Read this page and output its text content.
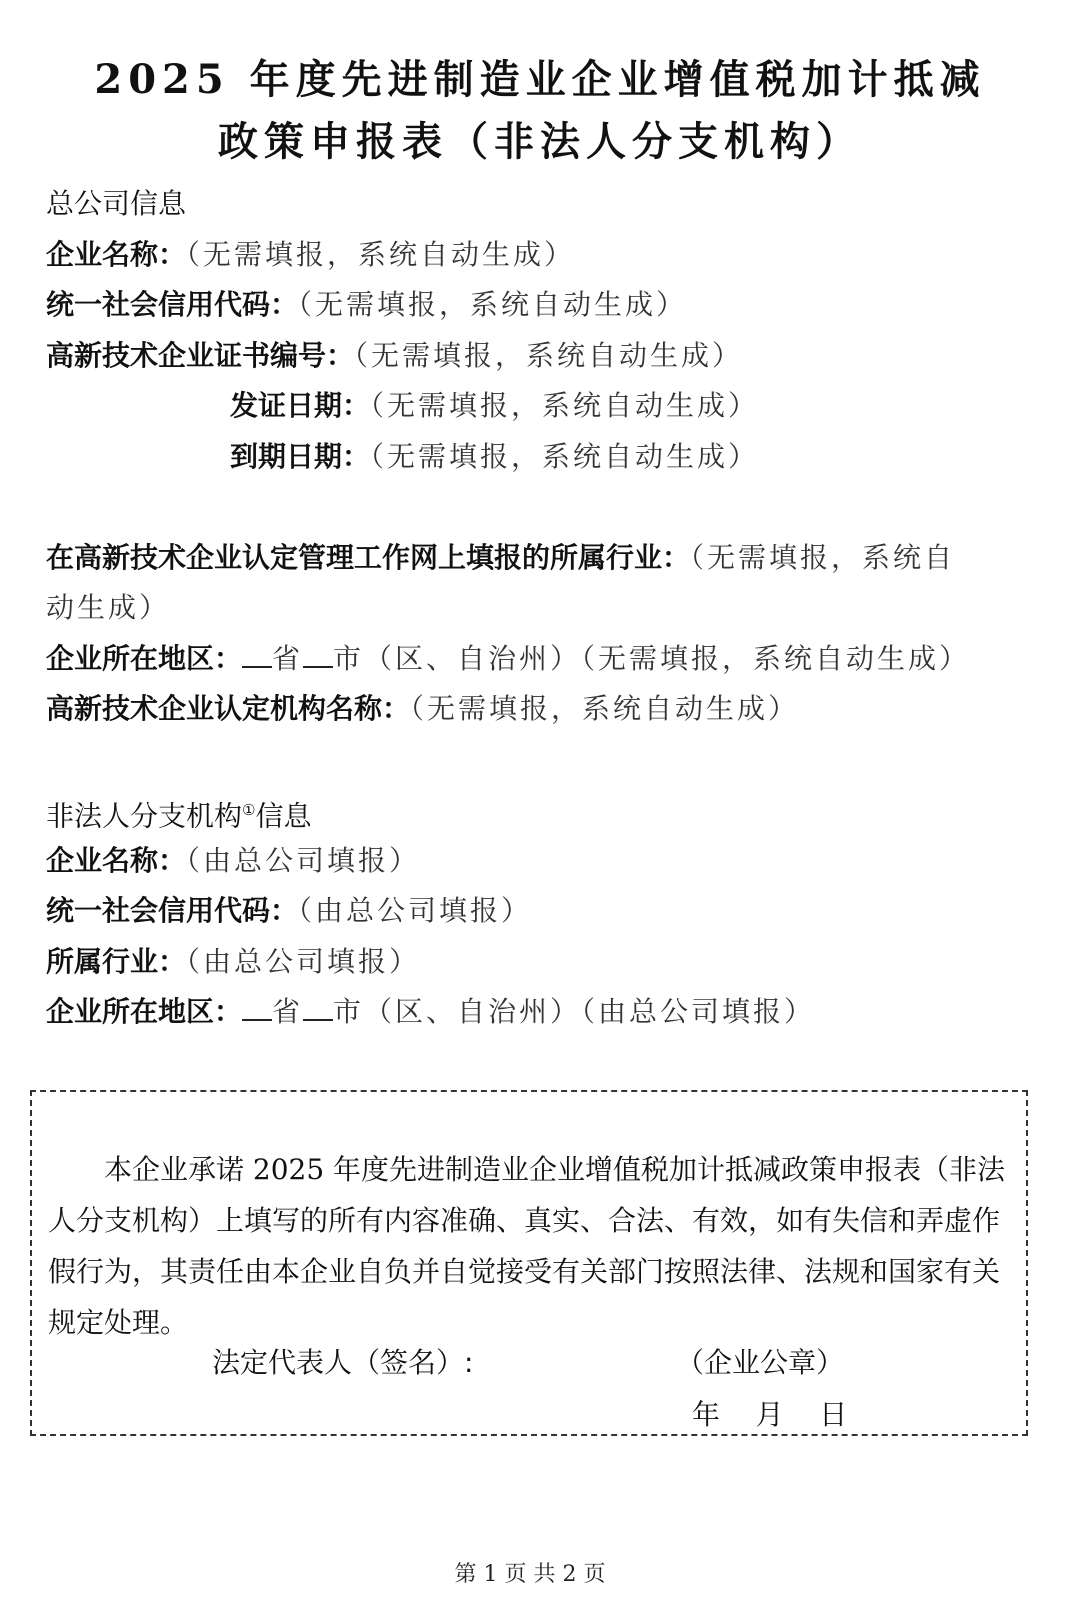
2025 年度先进制造业企业增值税加计抵减
政策申报表（非法人分支机构）
总公司信息
企业名称：（无需填报，系统自动生成）
统一社会信用代码：（无需填报，系统自动生成）
高新技术企业证书编号：（无需填报，系统自动生成）
发证日期：（无需填报，系统自动生成）
到期日期：（无需填报，系统自动生成）
在高新技术企业认定管理工作网上填报的所属行业：（无需填报，系统自
动生成）
企业所在地区： 省 市（区、自治州）（无需填报，系统自动生成）
高新技术企业认定机构名称：（无需填报，系统自动生成）
非法人分支机构①信息
企业名称：（由总公司填报）
统一社会信用代码：（由总公司填报）
所属行业：（由总公司填报）
企业所在地区： 省 市（区、自治州）（由总公司填报）
本企业承诺 2025 年度先进制造业企业增值税加计抵减政策申报表（非法人分支机构）上填写的所有内容准确、真实、合法、有效，如有失信和弄虚作假行为，其责任由本企业自负并自觉接受有关部门按照法律、法规和国家有关规定处理。
法定代表人（签名）:	（企业公章）
年    月    日
第 1 页 共 2 页
